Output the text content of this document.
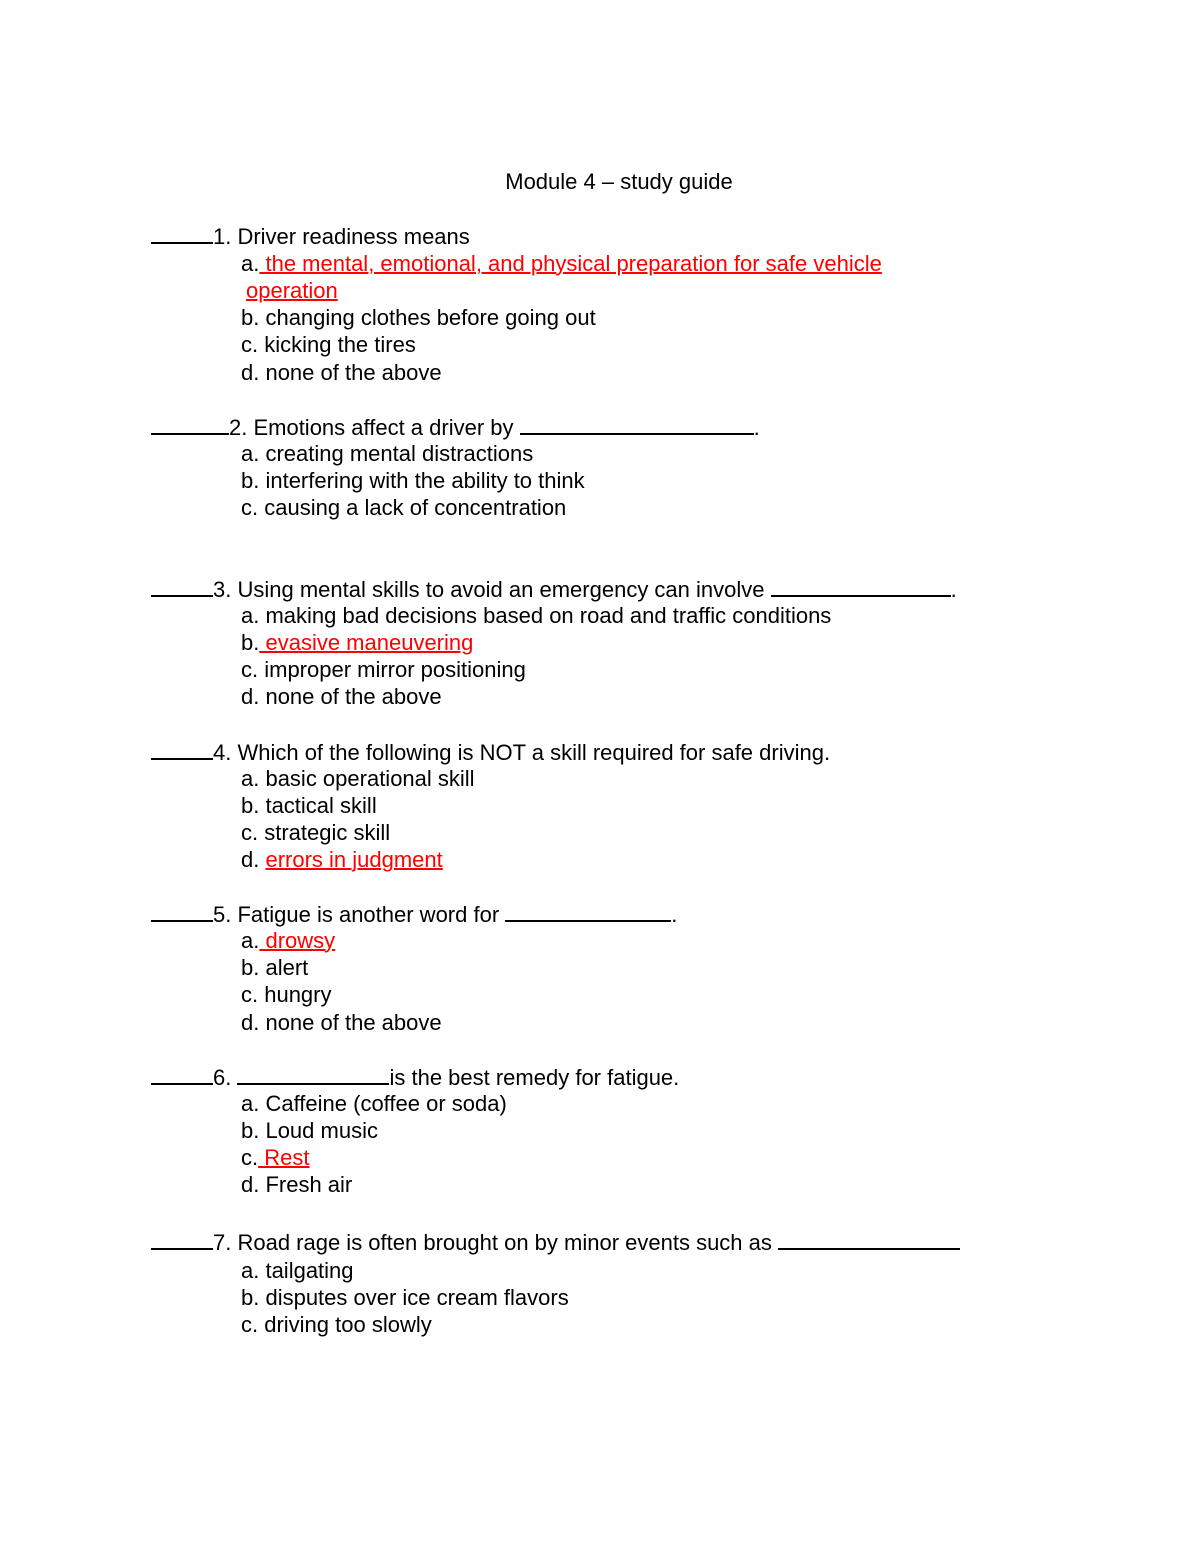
Module 4 – study guide
1. Driver readiness means
a. the mental, emotional, and physical preparation for safe vehicle
operation
b. changing clothes before going out
c. kicking the tires
d. none of the above
2. Emotions affect a driver by	.
a. creating mental distractions
b. interfering with the ability to think
c. causing a lack of concentration
3. Using mental skills to avoid an emergency can involve	.
a. making bad decisions based on road and traffic conditions
b. evasive maneuvering
c. improper mirror positioning
d. none of the above
4. Which of the following is NOT a skill required for safe driving.
a. basic operational skill
b. tactical skill
c. strategic skill
d. errors in judgment
5. Fatigue is another word for	.
a. drowsy
b. alert
c. hungry
d. none of the above
6.	is the best remedy for fatigue.
a. Caffeine (coffee or soda)
b. Loud music
c. Rest
d. Fresh air
7. Road rage is often brought on by minor events such as
a. tailgating
b. disputes over ice cream flavors
c. driving too slowly
